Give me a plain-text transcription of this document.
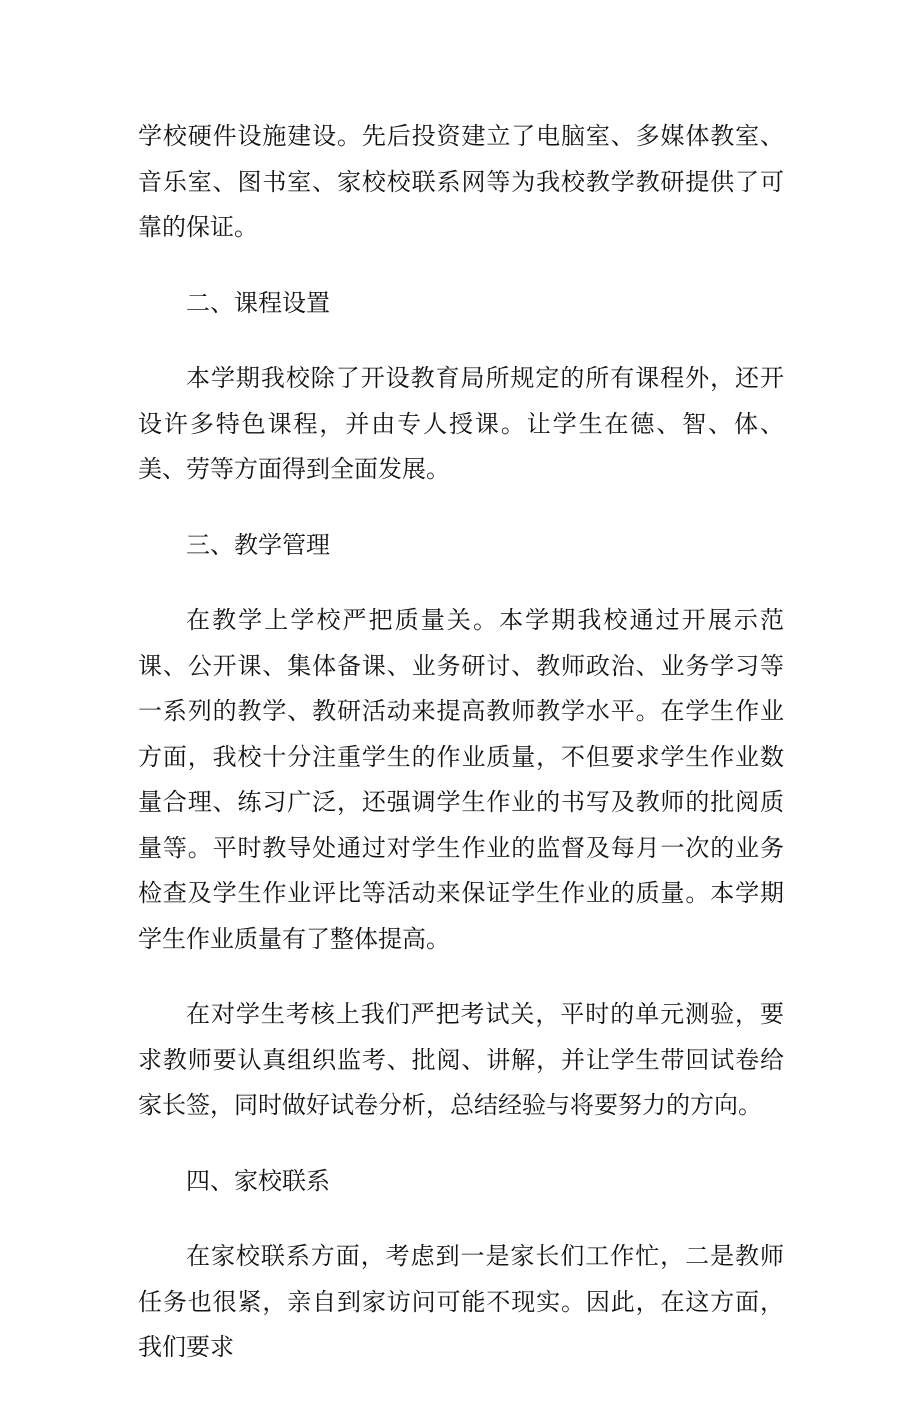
学校硬件设施建设。先后投资建立了电脑室、多媒体教室、音乐室、图书室、家校校联系网等为我校教学教研提供了可靠的保证。

二、课程设置

本学期我校除了开设教育局所规定的所有课程外，还开设许多特色课程，并由专人授课。让学生在德、智、体、美、劳等方面得到全面发展。

三、教学管理

在教学上学校严把质量关。本学期我校通过开展示范课、公开课、集体备课、业务研讨、教师政治、业务学习等一系列的教学、教研活动来提高教师教学水平。在学生作业方面，我校十分注重学生的作业质量，不但要求学生作业数量合理、练习广泛，还强调学生作业的书写及教师的批阅质量等。平时教导处通过对学生作业的监督及每月一次的业务检查及学生作业评比等活动来保证学生作业的质量。本学期学生作业质量有了整体提高。

在对学生考核上我们严把考试关，平时的单元测验，要求教师要认真组织监考、批阅、讲解，并让学生带回试卷给家长签，同时做好试卷分析，总结经验与将要努力的方向。

四、家校联系

在家校联系方面，考虑到一是家长们工作忙，二是教师任务也很紧，亲自到家访问可能不现实。因此，在这方面，我们要求
